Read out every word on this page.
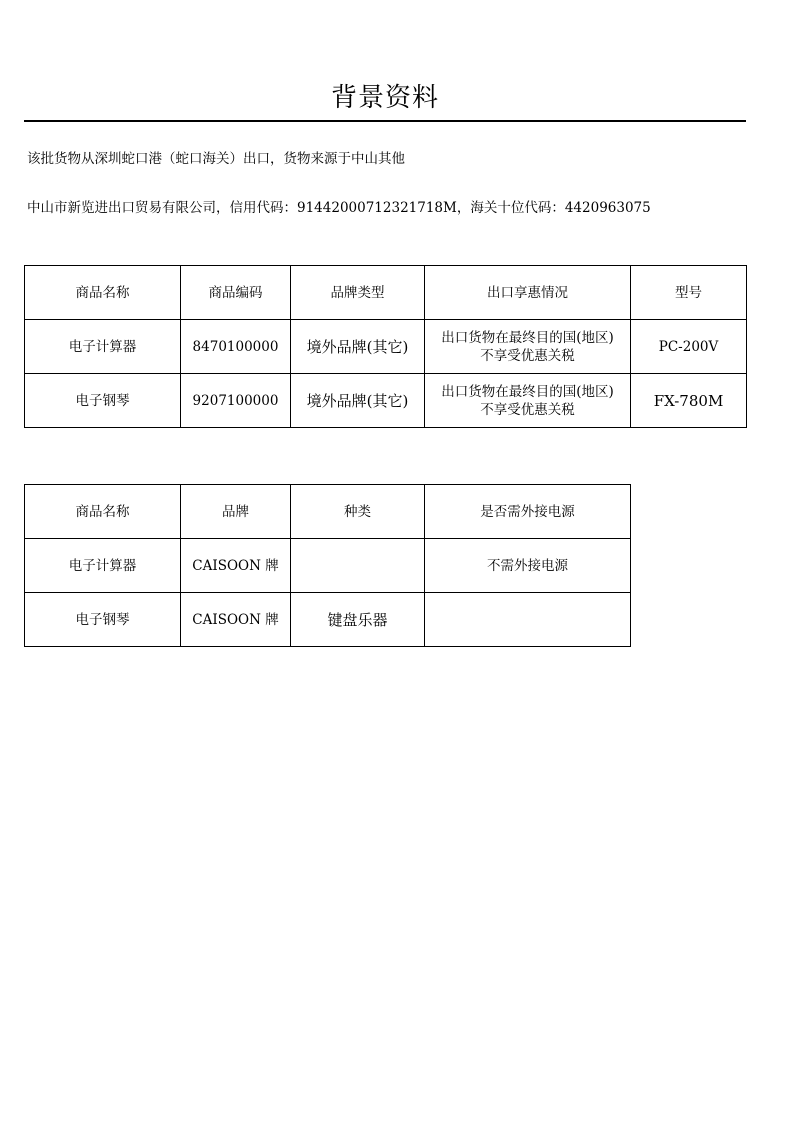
背景资料
该批货物从深圳蛇口港（蛇口海关）出口，货物来源于中山其他
中山市新览进出口贸易有限公司，信用代码：91442000712321718M，海关十位代码：4420963075
商品名称	商品编码	品牌类型	出口享惠情况	型号
电子计算器	8470100000	境外品牌(其它)	出口货物在最终目的国(地区)
不享受优惠关税	PC-200V
电子钢琴	9207100000	境外品牌(其它)	出口货物在最终目的国(地区)
不享受优惠关税	FX-780M
商品名称	品牌	种类	是否需外接电源
电子计算器	CAISOON 牌		不需外接电源
电子钢琴	CAISOON 牌	键盘乐器	
